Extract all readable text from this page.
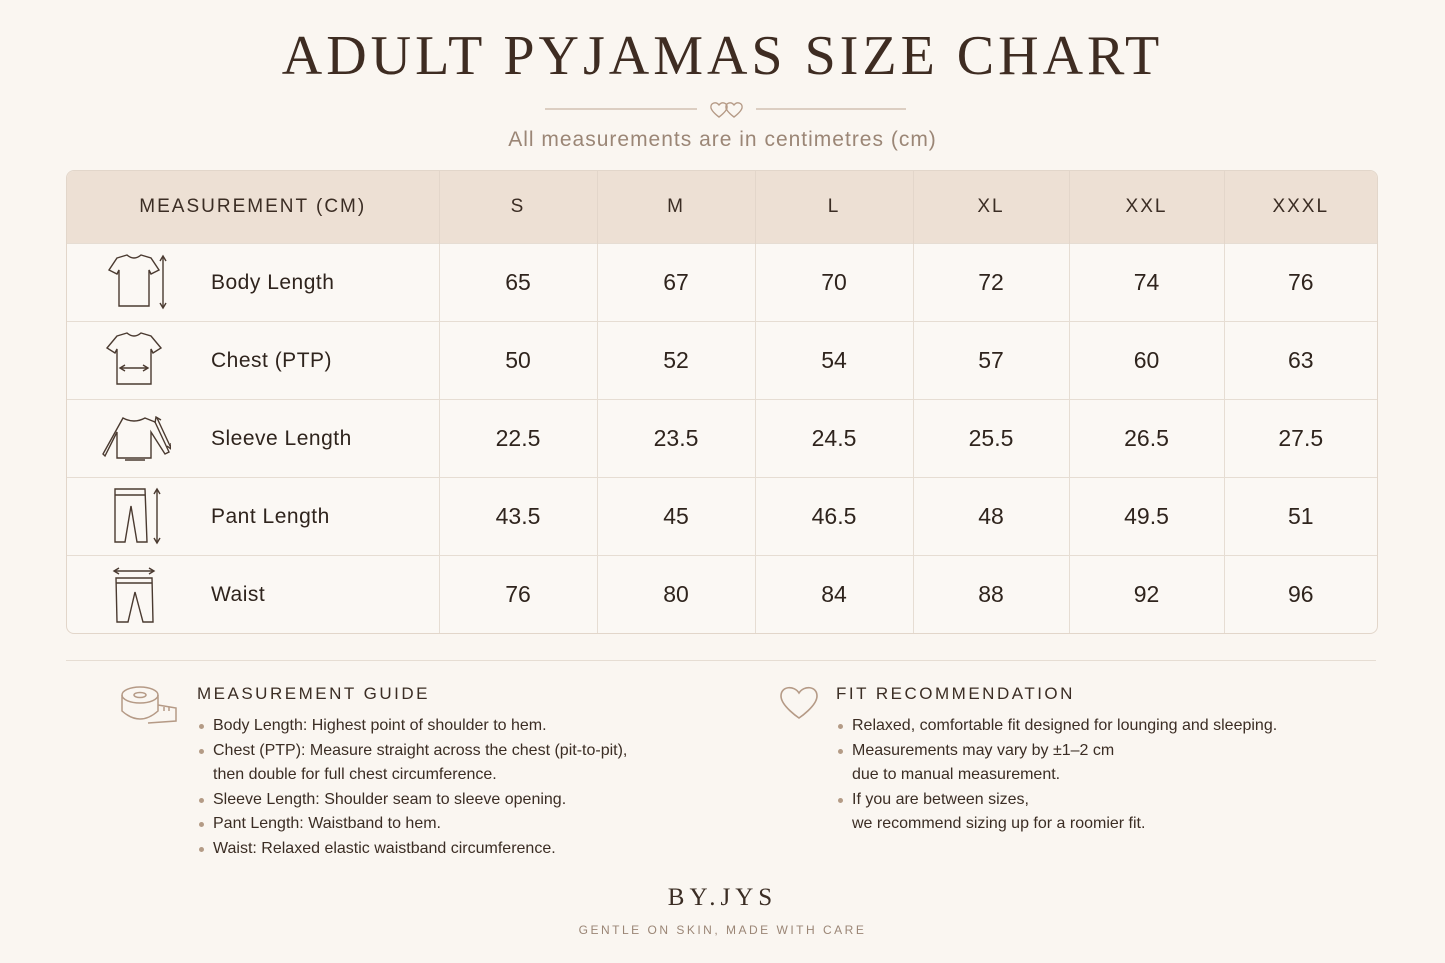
ADULT PYJAMAS SIZE CHART
All measurements are in centimetres (cm)
MEASUREMENT (CM)	S	M	L	XL	XXL	XXXL

Body Length	65	67	70	72	74	76

Chest (PTP)	50	52	54	57	60	63

Sleeve Length	22.5	23.5	24.5	25.5	26.5	27.5

Pant Length	43.5	45	46.5	48	49.5	51

Waist	76	80	84	88	92	96
MEASUREMENT GUIDE
Body Length: Highest point of shoulder to hem.
Chest (PTP): Measure straight across the chest (pit-to-pit),
then double for full chest circumference.
Sleeve Length: Shoulder seam to sleeve opening.
Pant Length: Waistband to hem.
Waist: Relaxed elastic waistband circumference.
FIT RECOMMENDATION
Relaxed, comfortable fit designed for lounging and sleeping.
Measurements may vary by ±1–2 cm
due to manual measurement.
If you are between sizes,
we recommend sizing up for a roomier fit.
BY.JYS
GENTLE ON SKIN, MADE WITH CARE
